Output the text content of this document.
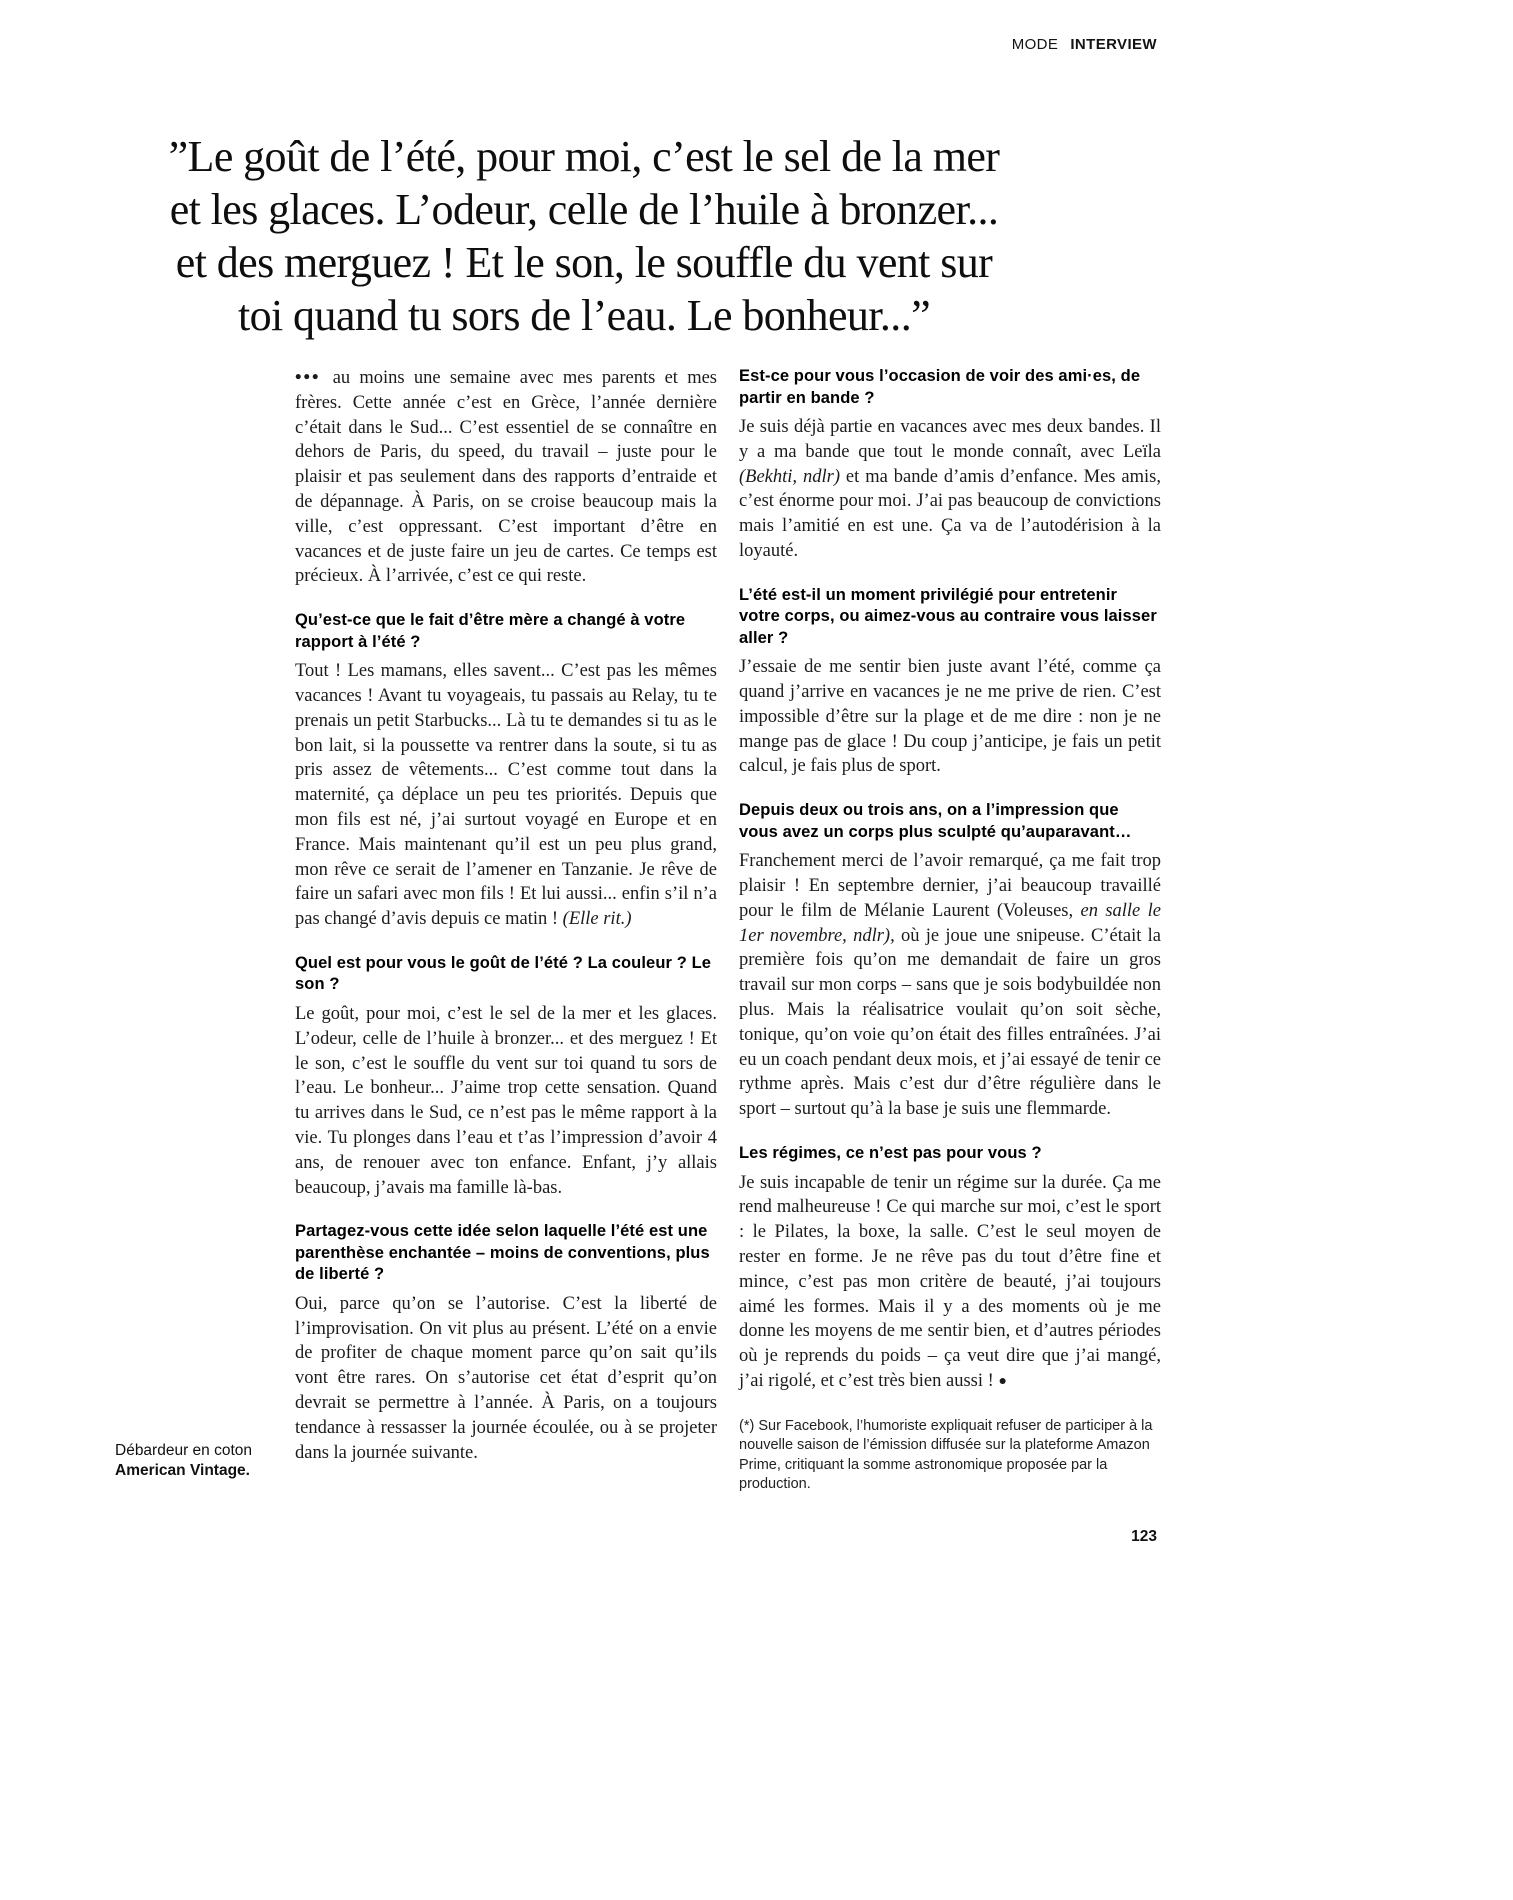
MODE INTERVIEW
”Le goût de l’été, pour moi, c’est le sel de la mer
et les glaces. L’odeur, celle de l’huile à bronzer...
et des merguez ! Et le son, le souffle du vent sur
toi quand tu sors de l’eau. Le bonheur...”

••• au moins une semaine avec mes parents et mes frères. Cette année c’est en Grèce, l’année dernière c’était dans le Sud... C’est essentiel de se connaître en dehors de Paris, du speed, du travail – juste pour le plaisir et pas seulement dans des rapports d’entraide et de dépannage. À Paris, on se croise beaucoup mais la ville, c’est oppressant. C’est important d’être en vacances et de juste faire un jeu de cartes. Ce temps est précieux. À l’arrivée, c’est ce qui reste.

Qu’est-ce que le fait d’être mère a changé à votre rapport à l’été ?

Tout ! Les mamans, elles savent... C’est pas les mêmes vacances ! Avant tu voyageais, tu passais au Relay, tu te prenais un petit Starbucks... Là tu te demandes si tu as le bon lait, si la poussette va rentrer dans la soute, si tu as pris assez de vêtements... C’est comme tout dans la maternité, ça déplace un peu tes priorités. Depuis que mon fils est né, j’ai surtout voyagé en Europe et en France. Mais maintenant qu’il est un peu plus grand, mon rêve ce serait de l’amener en Tanzanie. Je rêve de faire un safari avec mon fils ! Et lui aussi... enfin s’il n’a pas changé d’avis depuis ce matin ! (Elle rit.)

Quel est pour vous le goût de l’été ? La couleur ? Le son ?

Le goût, pour moi, c’est le sel de la mer et les glaces. L’odeur, celle de l’huile à bronzer... et des merguez ! Et le son, c’est le souffle du vent sur toi quand tu sors de l’eau. Le bonheur... J’aime trop cette sensation. Quand tu arrives dans le Sud, ce n’est pas le même rapport à la vie. Tu plonges dans l’eau et t’as l’impression d’avoir 4 ans, de renouer avec ton enfance. Enfant, j’y allais beaucoup, j’avais ma famille là-bas.

Partagez-vous cette idée selon laquelle l’été est une parenthèse enchantée – moins de conventions, plus de liberté ?

Oui, parce qu’on se l’autorise. C’est la liberté de l’improvisation. On vit plus au présent. L’été on a envie de profiter de chaque moment parce qu’on sait qu’ils vont être rares. On s’autorise cet état d’esprit qu’on devrait se permettre à l’année. À Paris, on a toujours tendance à ressasser la journée écoulée, ou à se projeter dans la journée suivante.

Est-ce pour vous l’occasion de voir des ami·es, de partir en bande ?

Je suis déjà partie en vacances avec mes deux bandes. Il y a ma bande que tout le monde connaît, avec Leïla (Bekhti, ndlr) et ma bande d’amis d’enfance. Mes amis, c’est énorme pour moi. J’ai pas beaucoup de convictions mais l’amitié en est une. Ça va de l’autodérision à la loyauté.

L’été est-il un moment privilégié pour entretenir votre corps, ou aimez-vous au contraire vous laisser aller ?

J’essaie de me sentir bien juste avant l’été, comme ça quand j’arrive en vacances je ne me prive de rien. C’est impossible d’être sur la plage et de me dire : non je ne mange pas de glace ! Du coup j’anticipe, je fais un petit calcul, je fais plus de sport.

Depuis deux ou trois ans, on a l’impression que vous avez un corps plus sculpté qu’auparavant…

Franchement merci de l’avoir remarqué, ça me fait trop plaisir ! En septembre dernier, j’ai beaucoup travaillé pour le film de Mélanie Laurent (Voleuses, en salle le 1er novembre, ndlr), où je joue une snipeuse. C’était la première fois qu’on me demandait de faire un gros travail sur mon corps – sans que je sois bodybuildée non plus. Mais la réalisatrice voulait qu’on soit sèche, tonique, qu’on voie qu’on était des filles entraînées. J’ai eu un coach pendant deux mois, et j’ai essayé de tenir ce rythme après. Mais c’est dur d’être régulière dans le sport – surtout qu’à la base je suis une flemmarde.

Les régimes, ce n’est pas pour vous ?

Je suis incapable de tenir un régime sur la durée. Ça me rend malheureuse ! Ce qui marche sur moi, c’est le sport : le Pilates, la boxe, la salle. C’est le seul moyen de rester en forme. Je ne rêve pas du tout d’être fine et mince, c’est pas mon critère de beauté, j’ai toujours aimé les formes. Mais il y a des moments où je me donne les moyens de me sentir bien, et d’autres périodes où je reprends du poids – ça veut dire que j’ai mangé, j’ai rigolé, et c’est très bien aussi ! ●

(*) Sur Facebook, l’humoriste expliquait refuser de participer à la nouvelle saison de l’émission diffusée sur la plateforme Amazon Prime, critiquant la somme astronomique proposée par la production.

Débardeur en coton
American Vintage.
123
